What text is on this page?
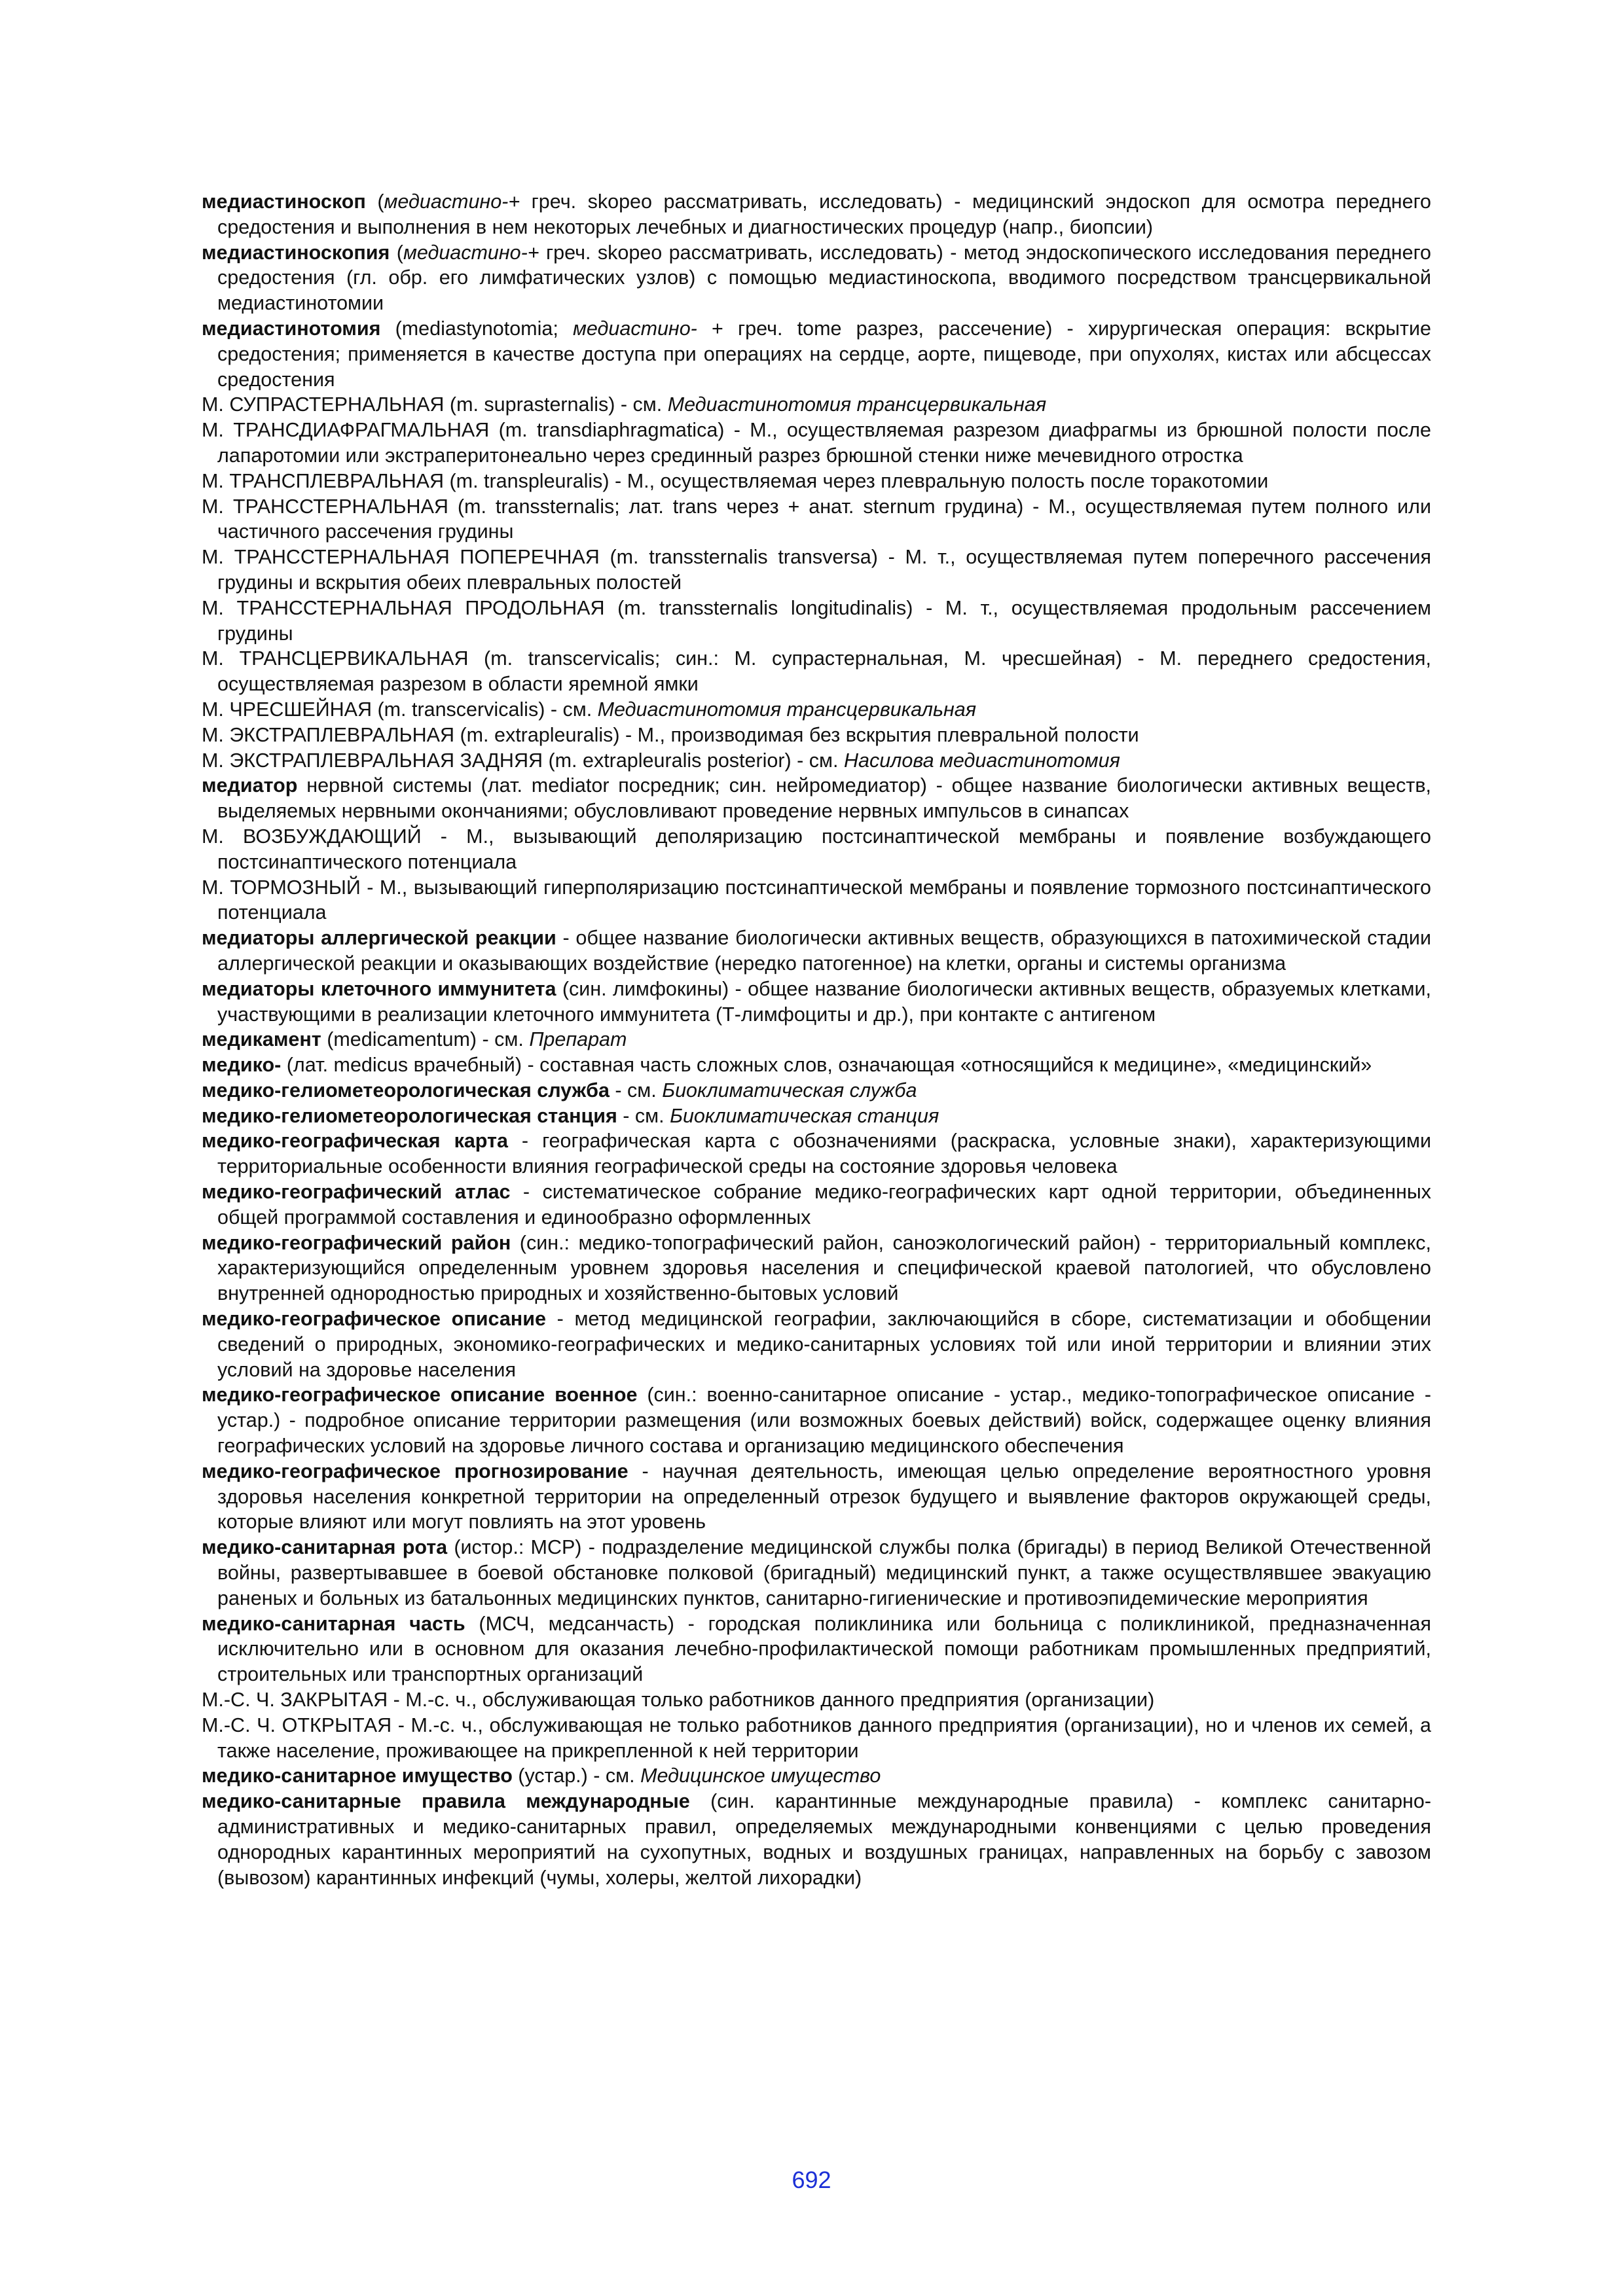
медиастиноскоп (медиастино-+ греч. skopeo рассматривать, исследовать) - медицинский эндоскоп для осмотра переднего средостения и выполнения в нем некоторых лечебных и диагностических процедур (напр., биопсии)

медиастиноскопия (медиастино-+ греч. skopeo рассматривать, исследовать) - метод эндоскопического исследования переднего средостения (гл. обр. его лимфатических узлов) с помощью медиастиноскопа, вводимого посредством трансцервикальной медиастинотомии

медиастинотомия (mediastynotomia; медиастино- + греч. tome разрез, рассечение) - хирургическая операция: вскрытие средостения; применяется в качестве доступа при операциях на сердце, аорте, пищеводе, при опухолях, кистах или абсцессах средостения

М. СУПРАСТЕРНАЛЬНАЯ (m. suprasternalis) - см. Медиастинотомия трансцервикальная

М. ТРАНСДИАФРАГМАЛЬНАЯ (m. transdiaphragmatica) - М., осуществляемая разрезом диафрагмы из брюшной полости после лапаротомии или экстраперитонеально через срединный разрез брюшной стенки ниже мечевидного отростка

М. ТРАНСПЛЕВРАЛЬНАЯ (m. transpleuralis) - М., осуществляемая через плевральную полость после торакотомии

М. ТРАНССТЕРНАЛЬНАЯ (m. transsternalis; лат. trans через + анат. sternum грудина) - М., осуществляемая путем полного или частичного рассечения грудины

М. ТРАНССТЕРНАЛЬНАЯ ПОПЕРЕЧНАЯ (m. transsternalis transversa) - М. т., осуществляемая путем поперечного рассечения грудины и вскрытия обеих плевральных полостей

М. ТРАНССТЕРНАЛЬНАЯ ПРОДОЛЬНАЯ (m. transsternalis longitudinalis) - М. т., осуществляемая продольным рассечением грудины

М. ТРАНСЦЕРВИКАЛЬНАЯ (m. transcervicalis; син.: М. супрастернальная, М. чресшейная) - М. переднего средостения, осуществляемая разрезом в области яремной ямки

М. ЧРЕСШЕЙНАЯ (m. transcervicalis) - см. Медиастинотомия трансцервикальная

М. ЭКСТРАПЛЕВРАЛЬНАЯ (m. extrapleuralis) - М., производимая без вскрытия плевральной полости

М. ЭКСТРАПЛЕВРАЛЬНАЯ ЗАДНЯЯ (m. extrapleuralis posterior) - см. Насилова медиастинотомия

медиатор нервной системы (лат. mediator посредник; син. нейромедиатор) - общее название биологически активных веществ, выделяемых нервными окончаниями; обусловливают проведение нервных импульсов в синапсах

М. ВОЗБУЖДАЮЩИЙ - М., вызывающий деполяризацию постсинаптической мембраны и появление возбуждающего постсинаптического потенциала

М. ТОРМОЗНЫЙ - М., вызывающий гиперполяризацию постсинаптической мембраны и появление тормозного постсинаптического потенциала

медиаторы аллергической реакции - общее название биологически активных веществ, образующихся в патохимической стадии аллергической реакции и оказывающих воздействие (нередко патогенное) на клетки, органы и системы организма

медиаторы клеточного иммунитета (син. лимфокины) - общее название биологически активных веществ, образуемых клетками, участвующими в реализации клеточного иммунитета (Т-лимфоциты и др.), при контакте с антигеном

медикамент (medicamentum) - см. Препарат

медико- (лат. medicus врачебный) - составная часть сложных слов, означающая «относящийся к медицине», «медицинский»

медико-гелиометеорологическая служба - см. Биоклиматическая служба

медико-гелиометеорологическая станция - см. Биоклиматическая станция

медико-географическая карта - географическая карта с обозначениями (раскраска, условные знаки), характеризующими территориальные особенности влияния географической среды на состояние здоровья человека

медико-географический атлас - систематическое собрание медико-географических карт одной территории, объединенных общей программой составления и единообразно оформленных

медико-географический район (син.: медико-топографический район, саноэкологический район) - территориальный комплекс, характеризующийся определенным уровнем здоровья населения и специфической краевой патологией, что обусловлено внутренней однородностью природных и хозяйственно-бытовых условий

медико-географическое описание - метод медицинской географии, заключающийся в сборе, систематизации и обобщении сведений о природных, экономико-географических и медико-санитарных условиях той или иной территории и влиянии этих условий на здоровье населения

медико-географическое описание военное (син.: военно-санитарное описание - устар., медико-топографическое описание - устар.) - подробное описание территории размещения (или возможных боевых действий) войск, содержащее оценку влияния географических условий на здоровье личного состава и организацию медицинского обеспечения

медико-географическое прогнозирование - научная деятельность, имеющая целью определение вероятностного уровня здоровья населения конкретной территории на определенный отрезок будущего и выявление факторов окружающей среды, которые влияют или могут повлиять на этот уровень

медико-санитарная рота (истор.: МСР) - подразделение медицинской службы полка (бригады) в период Великой Отечественной войны, развертывавшее в боевой обстановке полковой (бригадный) медицинский пункт, а также осуществлявшее эвакуацию раненых и больных из батальонных медицинских пунктов, санитарно-гигиенические и противоэпидемические мероприятия

медико-санитарная часть (МСЧ, медсанчасть) - городская поликлиника или больница с поликлиникой, предназначенная исключительно или в основном для оказания лечебно-профилактической помощи работникам промышленных предприятий, строительных или транспортных организаций

М.-С. Ч. ЗАКРЫТАЯ - М.-с. ч., обслуживающая только работников данного предприятия (организации)

М.-С. Ч. ОТКРЫТАЯ - М.-с. ч., обслуживающая не только работников данного предприятия (организации), но и членов их семей, а также население, проживающее на прикрепленной к ней территории

медико-санитарное имущество (устар.) - см. Медицинское имущество

медико-санитарные правила международные (син. карантинные международные правила) - комплекс санитарно-административных и медико-санитарных правил, определяемых международными конвенциями с целью проведения однородных карантинных мероприятий на сухопутных, водных и воздушных границах, направленных на борьбу с завозом (вывозом) карантинных инфекций (чумы, холеры, желтой лихорадки)

692
